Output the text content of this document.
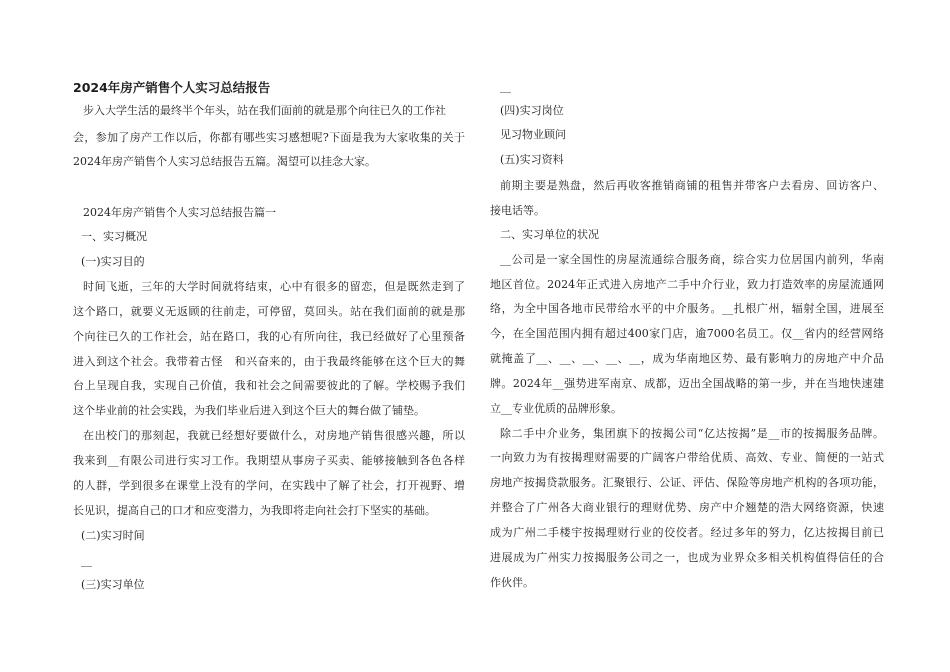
2024年房产销售个人实习总结报告
步入大学生活的最终半个年头，站在我们面前的就是那个向往已久的工作社
会，参加了房产工作以后，你都有哪些实习感想呢?下面是我为大家收集的关于
2024年房产销售个人实习总结报告五篇。渴望可以挂念大家。
2024年房产销售个人实习总结报告篇一
一、实习概况
(一)实习目的
时间飞逝，三年的大学时间就将结束，心中有很多的留恋，但是既然走到了
这个路口，就要义无返顾的往前走，可停留，莫回头。站在我们面前的就是那
个向往已久的工作社会，站在路口，我的心有所向往，我已经做好了心里预备
进入到这个社会。我带着古怪　和兴奋来的，由于我最终能够在这个巨大的舞
台上呈现自我，实现自己价值，我和社会之间需要彼此的了解。学校赐予我们
这个毕业前的社会实践，为我们毕业后进入到这个巨大的舞台做了铺垫。
在出校门的那刻起，我就已经想好要做什么，对房地产销售很感兴趣，所以
我来到__有限公司进行实习工作。我期望从事房子买卖、能够接触到各色各样
的人群，学到很多在课堂上没有的学问，在实践中了解了社会，打开视野、增
长见识，提高自己的口才和应变潜力，为我即将走向社会打下坚实的基础。
(二)实习时间
__
(三)实习单位
__
(四)实习岗位
见习物业顾问
(五)实习资料
前期主要是熟盘，然后再收客推销商铺的租售并带客户去看房、回访客户、
接电话等。
二、实习单位的状况
__公司是一家全国性的房屋流通综合服务商，综合实力位居国内前列，华南
地区首位。2024年正式进入房地产二手中介行业，致力打造效率的房屋流通网
络，为全中国各地市民带给水平的中介服务。__扎根广州，辐射全国，进展至
今，在全国范围内拥有超过400家门店，逾7000名员工。仅__省内的经营网络
就掩盖了__、__、__、__、__，成为华南地区势、最有影响力的房地产中介品
牌。2024年__强势进军南京、成都，迈出全国战略的第一步，并在当地快速建
立__专业优质的品牌形象。
除二手中介业务，集团旗下的按揭公司“亿达按揭”是__市的按揭服务品牌。
一向致力为有按揭理财需要的广阔客户带给优质、高效、专业、简便的一站式
房地产按揭贷款服务。汇聚银行、公证、评估、保险等房地产机构的各项功能，
并整合了广州各大商业银行的理财优势、房产中介翘楚的浩大网络资源，快速
成为广州二手楼宇按揭理财行业的佼佼者。经过多年的努力，亿达按揭目前已
进展成为广州实力按揭服务公司之一，也成为业界众多相关机构值得信任的合
作伙伴。
